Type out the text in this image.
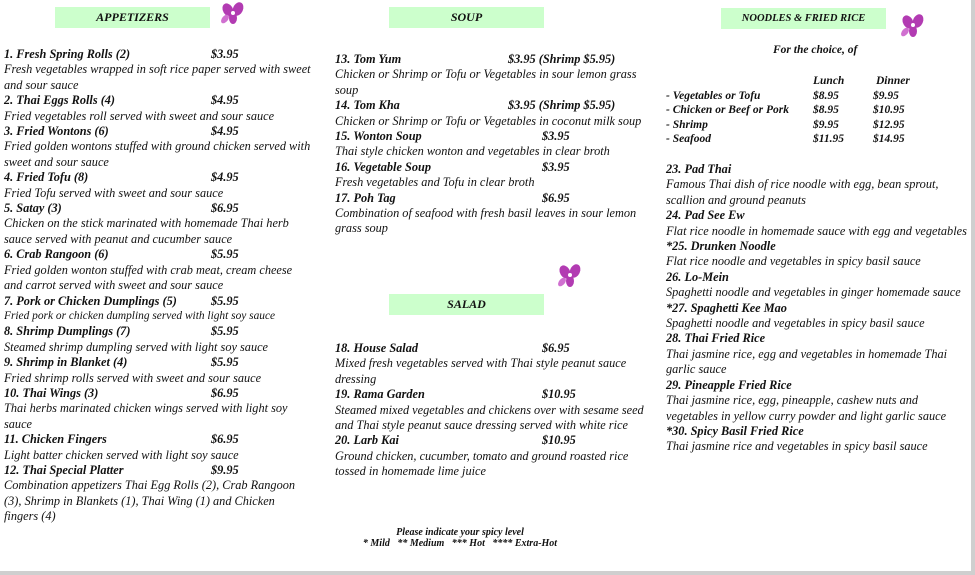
APPETIZERS	SOUP
SALAD
NOODLES & FRIED RICE
1. Fresh Spring Rolls (2)	$3.95
Fresh vegetables wrapped in soft rice paper served with sweet and sour sauce
2. Thai Eggs Rolls (4)	$4.95
Fried vegetables roll served with sweet and sour sauce
3. Fried Wontons (6)	$4.95
Fried golden wontons stuffed with ground chicken served with sweet and sour sauce
4. Fried Tofu (8)	$4.95
Fried Tofu served with sweet and sour sauce
5. Satay (3)	$6.95
Chicken on the stick marinated with homemade Thai herb sauce served with peanut and cucumber sauce
6. Crab Rangoon (6)	$5.95
Fried golden wonton stuffed with crab meat, cream cheese and carrot served with sweet and sour sauce
7. Pork or Chicken Dumplings (5)	$5.95
Fried pork or chicken dumpling served with light soy sauce
8. Shrimp Dumplings (7)	$5.95
Steamed shrimp dumpling served with light soy sauce
9. Shrimp in Blanket (4)	$5.95
Fried shrimp rolls served with sweet and sour sauce
10. Thai Wings (3)	$6.95
Thai herbs marinated chicken wings served with light soy sauce
11. Chicken Fingers	$6.95
Light batter chicken served with light soy sauce
12. Thai Special Platter	$9.95
Combination appetizers Thai Egg Rolls (2), Crab Rangoon (3), Shrimp in Blankets (1), Thai Wing (1) and Chicken fingers (4)
13. Tom Yum	$3.95 (Shrimp $5.95)
Chicken or Shrimp or Tofu or Vegetables in sour lemon grass soup
14. Tom Kha	$3.95 (Shrimp $5.95)
Chicken or Shrimp or Tofu or Vegetables in coconut milk soup
15. Wonton Soup	$3.95
Thai style chicken wonton and vegetables in clear broth
16. Vegetable Soup	$3.95
Fresh vegetables and Tofu in clear broth
17. Poh Tag	$6.95
Combination of seafood with fresh basil leaves in sour lemon grass soup
18. House Salad	$6.95
Mixed fresh vegetables served with Thai style peanut sauce dressing
19. Rama Garden	$10.95
Steamed mixed vegetables and chickens over with sesame seed and Thai style peanut sauce dressing served with white rice
20. Larb Kai	$10.95
Ground chicken, cucumber, tomato and ground roasted rice tossed in homemade lime juice
Please indicate your spicy level
* Mild   ** Medium   *** Hot   **** Extra-Hot
For the choice, of
Lunch	Dinner
- Vegetables or Tofu	$8.95	$9.95
- Chicken or Beef or Pork $8.95	$10.95
- Shrimp	$9.95	$12.95
- Seafood	$11.95	$14.95
23. Pad Thai
Famous Thai dish of rice noodle with egg, bean sprout, scallion and ground peanuts
24. Pad See Ew
Flat rice noodle in homemade sauce with egg and vegetables
*25. Drunken Noodle
Flat rice noodle and vegetables in spicy basil sauce
26. Lo-Mein
Spaghetti noodle and vegetables in ginger homemade sauce
*27. Spaghetti Kee Mao
Spaghetti noodle and vegetables in spicy basil sauce
28. Thai Fried Rice
Thai jasmine rice, egg and vegetables in homemade Thai garlic sauce
29. Pineapple Fried Rice
Thai jasmine rice, egg, pineapple, cashew nuts and vegetables in yellow curry powder and light garlic sauce
*30. Spicy Basil Fried Rice
Thai jasmine rice and vegetables in spicy basil sauce
